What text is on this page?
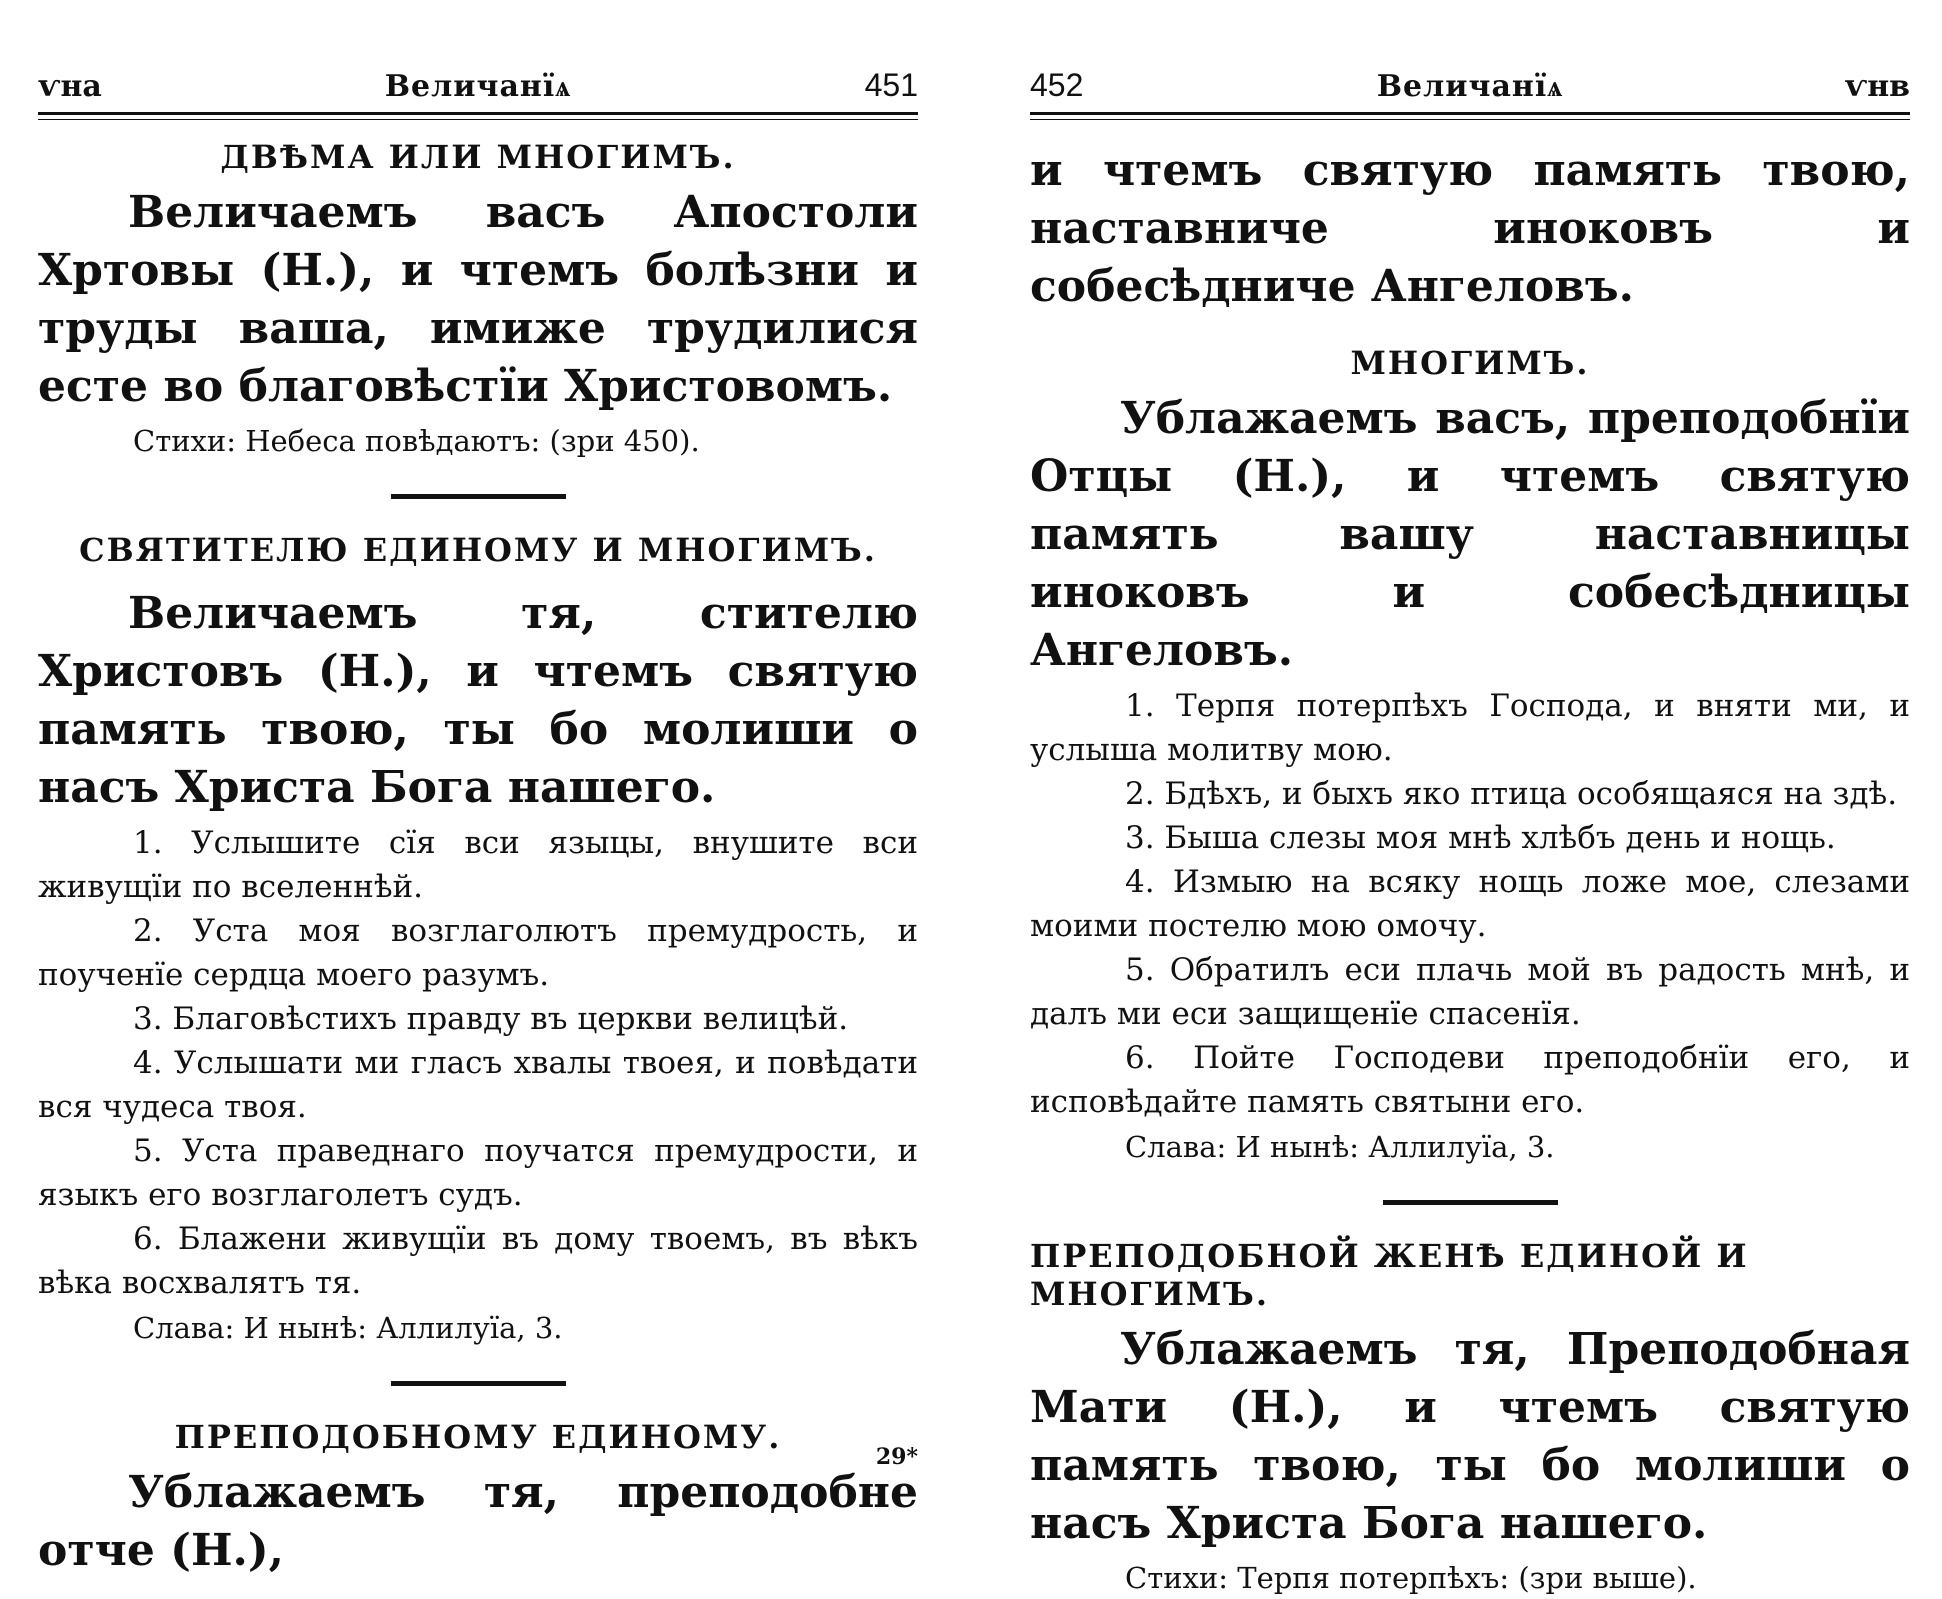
ѵна	Величанїѧ	451
ДВѢМА ИЛИ МНОГИМЪ.

Величаемъ васъ Апостоли Хртовы (Н.), и чтемъ болѣзни и труды ваша, имиже трудилися есте во благовѣстїи Христовомъ.

Стихи: Небеса повѣдаютъ: (зри 450).
СВЯТИТЕЛЮ ЕДИНОМУ И МНОГИМЪ.

Величаемъ тя, стителю Христовъ (Н.), и чтемъ святую память твою, ты бо молиши о насъ Христа Бога нашего.

1. Услышите сїя вси языцы, внушите вси живущїи по вселеннѣй.

2. Уста моя возглаголютъ премудрость, и поученїе сердца моего разумъ.

3. Благовѣстихъ правду въ церкви велицѣй.

4. Услышати ми гласъ хвалы твоея, и повѣдати вся чудеса твоя.

5. Уста праведнаго поучатся премудрости, и языкъ его возглаголетъ судъ.

6. Блажени живущїи въ дому твоемъ, въ вѣкъ вѣка восхвалятъ тя.

Слава: И нынѣ: Аллилуїа, 3.
ПРЕПОДОБНОМУ ЕДИНОМУ.

Ублажаемъ тя, преподобне отче (Н.),

29*
452	Величанїѧ	ѵнв

и чтемъ святую память твою, наставниче иноковъ и собесѣдниче Ангеловъ.

МНОГИМЪ.

Ублажаемъ васъ, преподобнїи Отцы (Н.), и чтемъ святую память вашу наставницы иноковъ и собесѣдницы Ангеловъ.

1. Терпя потерпѣхъ Господа, и вняти ми, и услыша молитву мою.

2. Бдѣхъ, и быхъ яко птица особящаяся на здѣ.

3. Быша слезы моя мнѣ хлѣбъ день и нощь.

4. Измыю на всяку нощь ложе мое, слезами моими постелю мою омочу.

5. Обратилъ еси плачь мой въ радость мнѣ, и далъ ми еси защищенїе спасенїя.

6. Пойте Господеви преподобнїи его, и исповѣдайте память святыни его.

Слава: И нынѣ: Аллилуїа, 3.
ПРЕПОДОБНОЙ ЖЕНѢ ЕДИНОЙ И МНОГИМЪ.

Ублажаемъ тя, Преподобная Мати (Н.), и чтемъ святую память твою, ты бо молиши о насъ Христа Бога нашего.

Стихи: Терпя потерпѣхъ: (зри выше).
